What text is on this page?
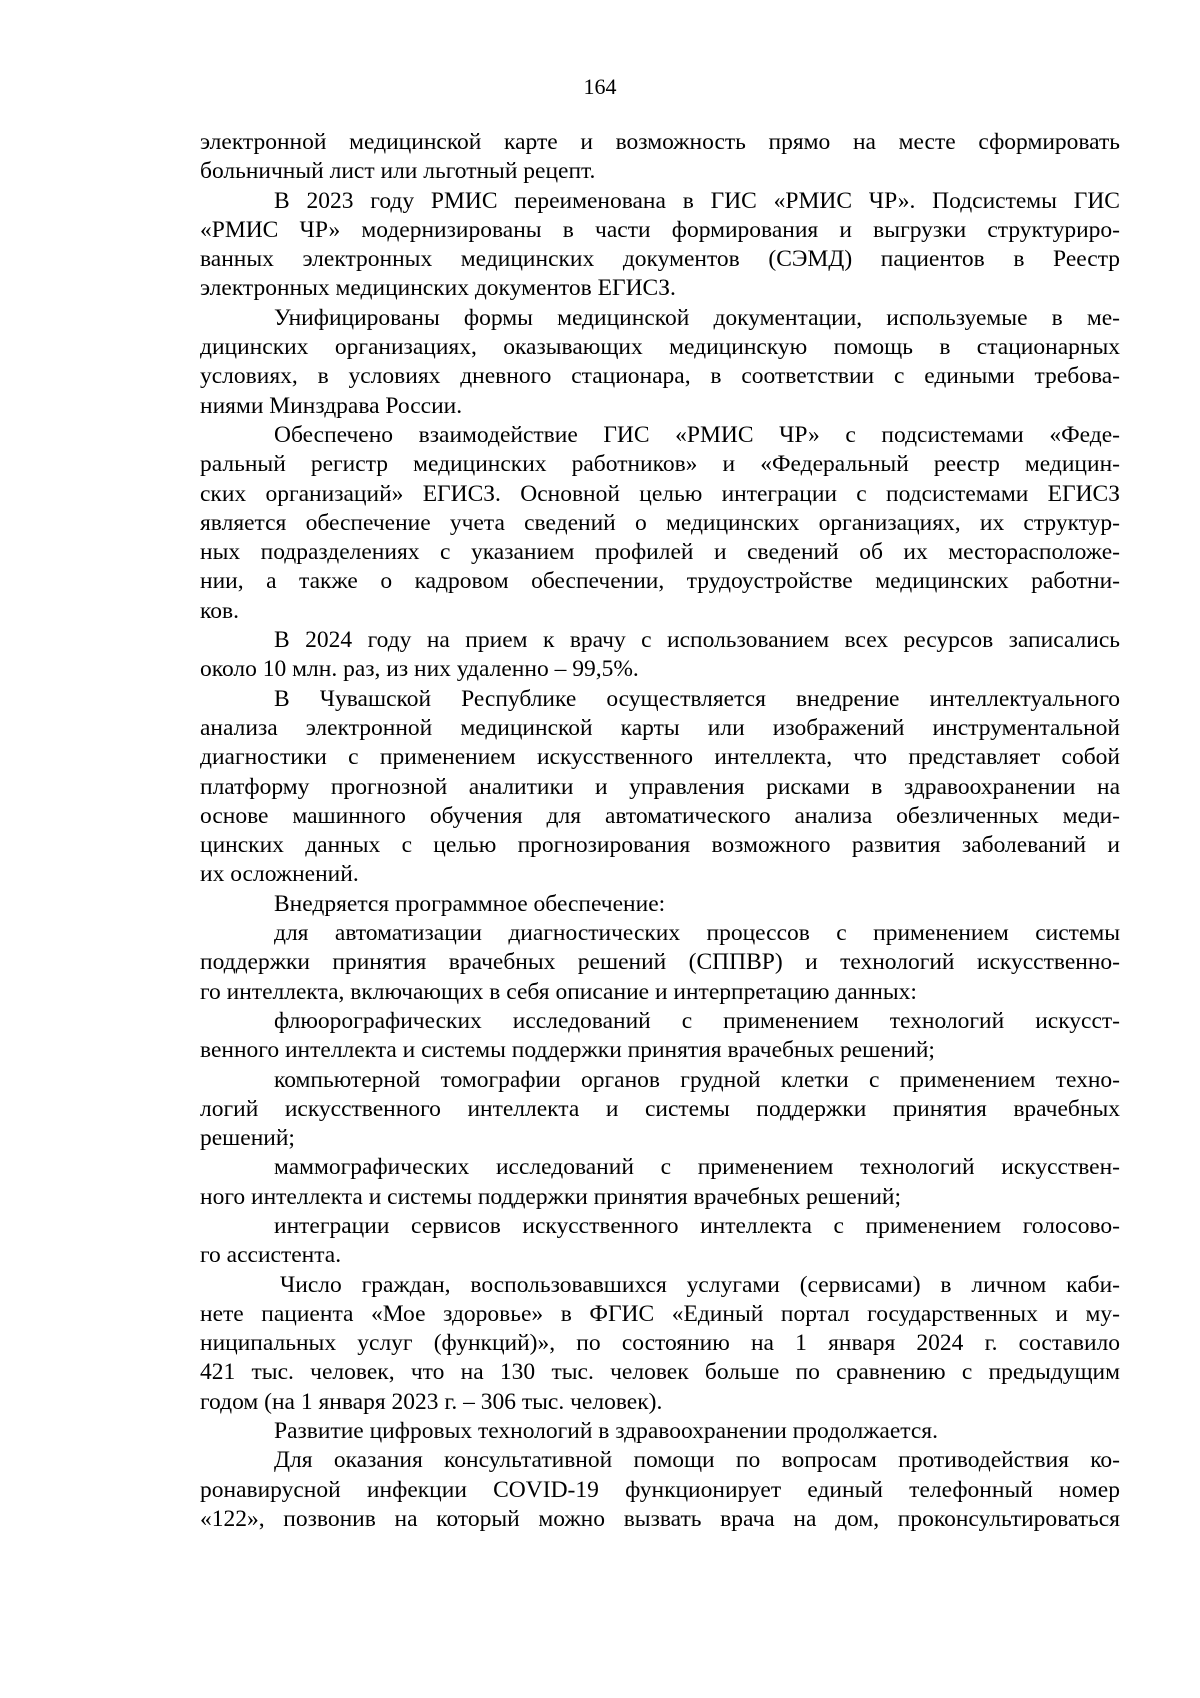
164
электронной медицинской карте и возможность прямо на месте сформировать
больничный лист или льготный рецепт.
В 2023 году РМИС переименована в ГИС «РМИС ЧР». Подсистемы ГИС
«РМИС ЧР» модернизированы в части формирования и выгрузки структуриро-
ванных электронных медицинских документов (СЭМД) пациентов в Реестр
электронных медицинских документов ЕГИСЗ.
Унифицированы формы медицинской документации, используемые в ме-
дицинских организациях, оказывающих медицинскую помощь в стационарных
условиях, в условиях дневного стационара, в соответствии с едиными требова-
ниями Минздрава России.
Обеспечено взаимодействие ГИС «РМИС ЧР» с подсистемами «Феде-
ральный регистр медицинских работников» и «Федеральный реестр медицин-
ских организаций» ЕГИСЗ. Основной целью интеграции с подсистемами ЕГИСЗ
является обеспечение учета сведений о медицинских организациях, их структур-
ных подразделениях с указанием профилей и сведений об их месторасположе-
нии, а также о кадровом обеспечении, трудоустройстве медицинских работни-
ков.
В 2024 году на прием к врачу с использованием всех ресурсов записались
около 10 млн. раз, из них удаленно – 99,5%.
В Чувашской Республике осуществляется внедрение интеллектуального
анализа электронной медицинской карты или изображений инструментальной
диагностики с применением искусственного интеллекта, что представляет собой
платформу прогнозной аналитики и управления рисками в здравоохранении на
основе машинного обучения для автоматического анализа обезличенных меди-
цинских данных с целью прогнозирования возможного развития заболеваний и
их осложнений.
Внедряется программное обеспечение:
для автоматизации диагностических процессов с применением системы
поддержки принятия врачебных решений (СППВР) и технологий искусственно-
го интеллекта, включающих в себя описание и интерпретацию данных:
флюорографических исследований с применением технологий искусст-
венного интеллекта и системы поддержки принятия врачебных решений;
компьютерной томографии органов грудной клетки с применением техно-
логий искусственного интеллекта и системы поддержки принятия врачебных
решений;
маммографических исследований с применением технологий искусствен-
ного интеллекта и системы поддержки принятия врачебных решений;
интеграции сервисов искусственного интеллекта с применением голосово-
го ассистента.
Число граждан, воспользовавшихся услугами (сервисами) в личном каби-
нете пациента «Мое здоровье» в ФГИС «Единый портал государственных и му-
ниципальных услуг (функций)», по состоянию на 1 января 2024 г. составило
421 тыс. человек, что на 130 тыс. человек больше по сравнению с предыдущим
годом (на 1 января 2023 г. – 306 тыс. человек).
Развитие цифровых технологий в здравоохранении продолжается.
Для оказания консультативной помощи по вопросам противодействия ко-
ронавирусной инфекции COVID-19 функционирует единый телефонный номер
«122», позвонив на который можно вызвать врача на дом, проконсультироваться
